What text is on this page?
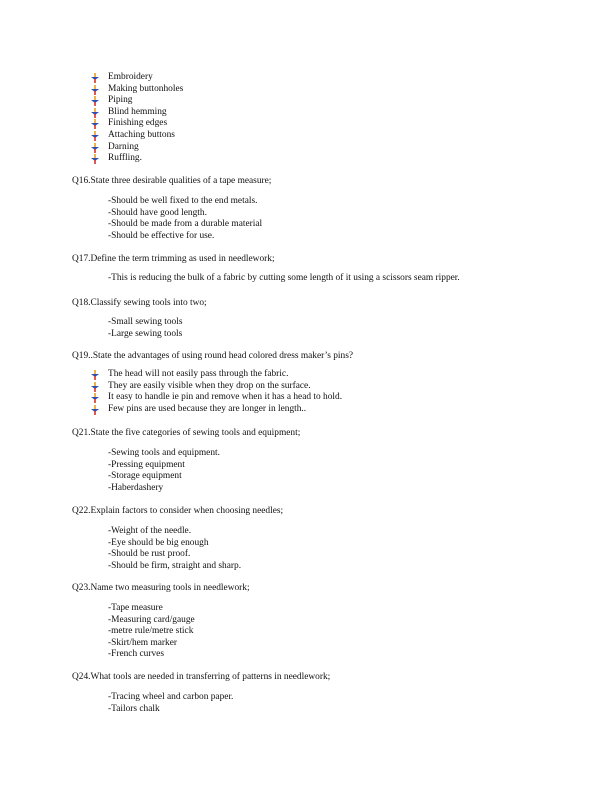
Embroidery
Making buttonholes
Piping
Blind hemming
Finishing edges
Attaching buttons
Darning
Ruffling.
Q16.State three desirable qualities of a tape measure;
-Should be well fixed to the end metals.
-Should have good length.
-Should be made from a durable material
-Should be effective for use.
Q17.Define the term trimming as used in needlework;
-This is reducing the bulk of a fabric by cutting some length of it using a scissors seam ripper.
Q18.Classify sewing tools into two;
-Small sewing tools
-Large sewing tools
Q19..State the advantages of using round head colored dress maker’s pins?
The head will not easily pass through the fabric.
They are easily visible when they drop on the surface.
It easy to handle ie pin and remove when it has a head to hold.
Few pins are used because they are longer in length..
Q21.State the five categories of sewing tools and equipment;
-Sewing tools and equipment.
-Pressing equipment
-Storage equipment
-Haberdashery
Q22.Explain factors to consider when choosing needles;
-Weight of the needle.
-Eye should be big enough
-Should be rust proof.
-Should be firm, straight and sharp.
Q23.Name two measuring tools in needlework;
-Tape measure
-Measuring card/gauge
-metre rule/metre stick
-Skirt/hem marker
-French curves
Q24.What tools are needed in transferring of patterns in needlework;
-Tracing wheel and carbon paper.
-Tailors chalk
